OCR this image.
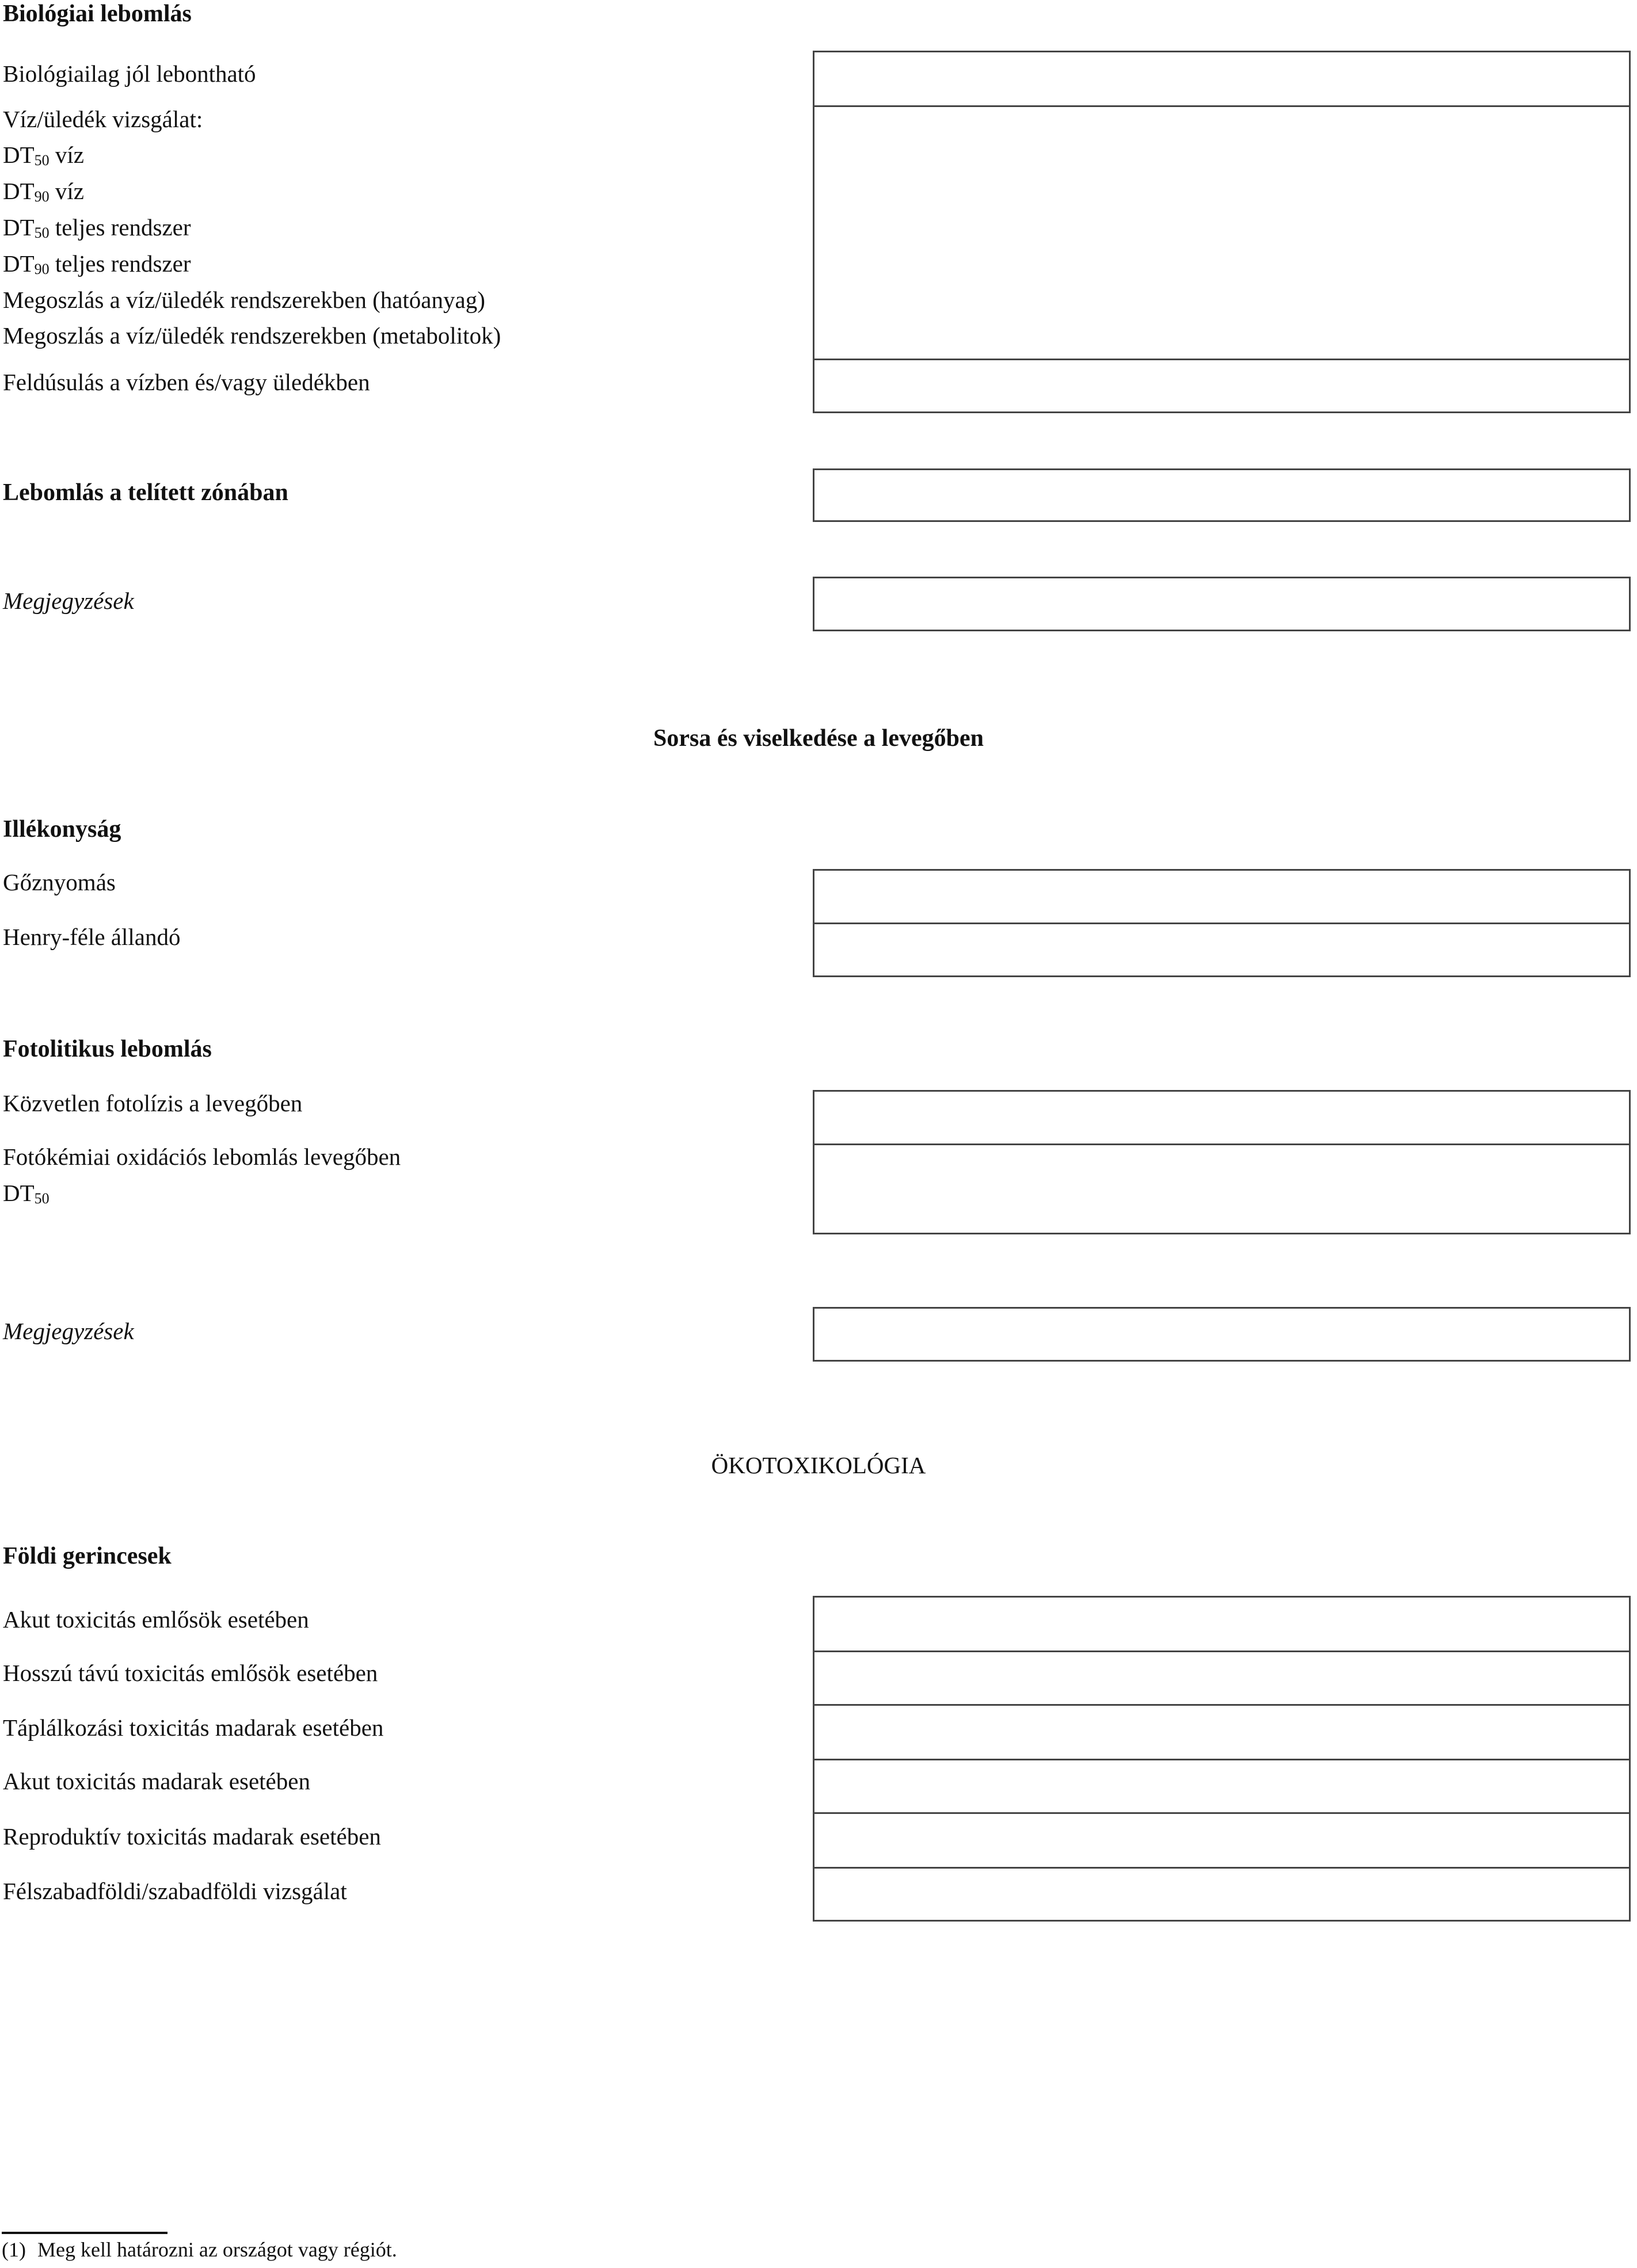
Biológiai lebomlás
Biológiailag jól lebontható
Víz/üledék vizsgálat:
$DT_{50}$ víz
$DT_{90}$ víz
$DT_{50}$ teljes rendszer
$DT_{90}$ teljes rendszer
Megoszlás a víz/üledék rendszerekben (hatóanyag)
Megoszlás a víz/üledék rendszerekben (metabolitok)
Feldúsulás a vízben és/vagy üledékben
Lebomlás a telített zónában
Megjegyzések
Sorsa és viselkedése a levegőben
Illékonyság
Gőznyomás
Henry-féle állandó
Fotolitikus lebomlás
Közvetlen fotolízis a levegőben
Fotókémiai oxidációs lebomlás levegőben
$DT_{50}$
Megjegyzések
ÖKOTOXIKOLÓGIA
Földi gerincesek
Akut toxicitás emlősök esetében
Hosszú távú toxicitás emlősök esetében
Táplálkozási toxicitás madarak esetében
Akut toxicitás madarak esetében
Reproduktív toxicitás madarak esetében
Félszabadföldi/szabadföldi vizsgálat
(1) Meg kell határozni az országot vagy régiót.
